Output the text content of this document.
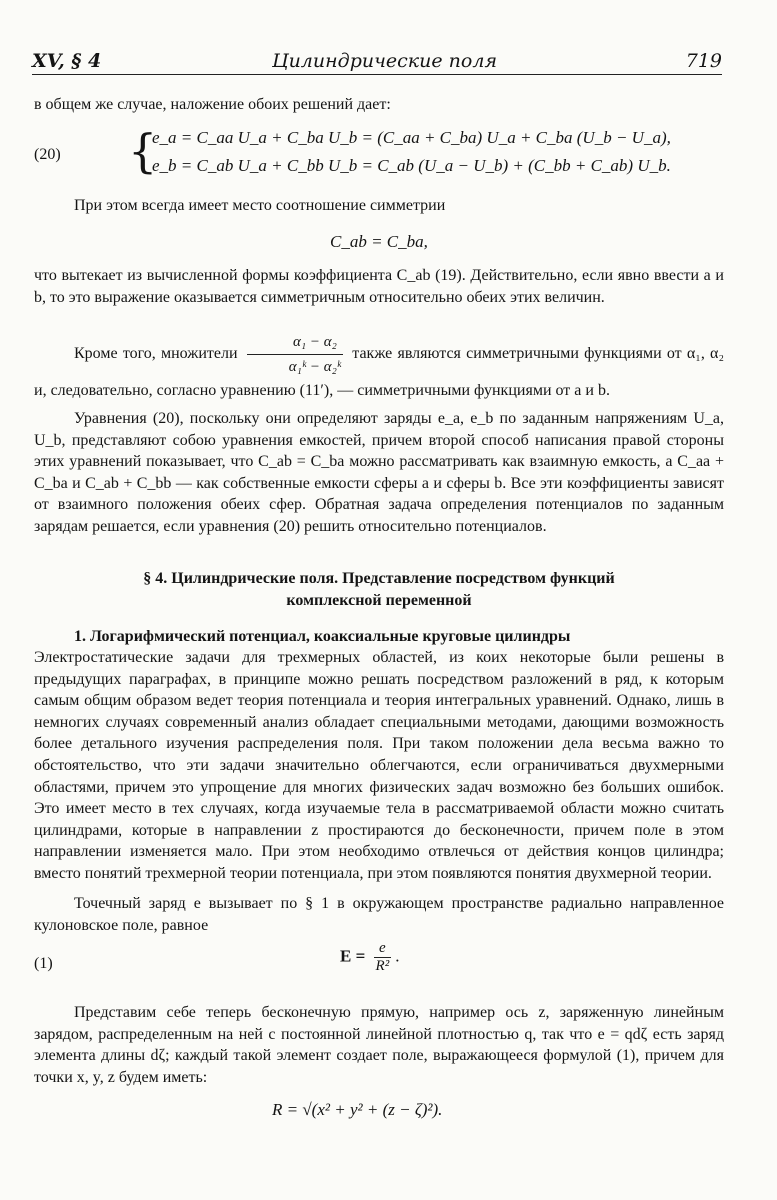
XV, § 4	Цилиндрические поля	719
в общем же случае, наложение обоих решений дает:
(20) {
e_a = C_aa U_a + C_ba U_b = (C_aa + C_ba) U_a + C_ba (U_b − U_a),
e_b = C_ab U_a + C_bb U_b = C_ab (U_a − U_b) + (C_bb + C_ab) U_b.
При этом всегда имеет место соотношение симметрии
C_ab = C_ba,
что вытекает из вычисленной формы коэффициента C_ab (19). Действительно, если явно ввести a и b, то это выражение оказывается симметричным относительно обеих этих величин.
Кроме того, множители $\frac{\text{α₁ − α₂}}{\text{α₁ᵏ − α₂ᵏ}}$ также являются симметричными функциями от α₁, α₂ и, следовательно, согласно уравнению (11′), — симметричными функциями от a и b.
Уравнения (20), поскольку они определяют заряды e_a, e_b по заданным напряжениям U_a, U_b, представляют собою уравнения емкостей, причем второй способ написания правой стороны этих уравнений показывает, что C_ab = C_ba можно рассматривать как взаимную емкость, а C_aa + C_ba и C_ab + C_bb — как собственные емкости сферы a и сферы b. Все эти коэффициенты зависят от взаимного положения обеих сфер. Обратная задача определения потенциалов по заданным зарядам решается, если уравнения (20) решить относительно потенциалов.
§ 4. Цилиндрические поля. Представление посредством функций
комплексной переменной
1. Логарифмический потенциал, коаксиальные круговые цилиндры
Электростатические задачи для трехмерных областей, из коих некоторые были решены в предыдущих параграфах, в принципе можно решать посредством разложений в ряд, к которым самым общим образом ведет теория потенциала и теория интегральных уравнений. Однако, лишь в немногих случаях современный анализ обладает специальными методами, дающими возможность более детального изучения распределения поля. При таком положении дела весьма важно то обстоятельство, что эти задачи значительно облегчаются, если ограничиваться двухмерными областями, причем это упрощение для многих физических задач возможно без больших ошибок. Это имеет место в тех случаях, когда изучаемые тела в рассматриваемой области можно считать цилиндрами, которые в направлении z простираются до бесконечности, причем поле в этом направлении изменяется мало. При этом необходимо отвлечься от действия концов цилиндра; вместо понятий трехмерной теории потенциала, при этом появляются понятия двухмерной теории.
Точечный заряд e вызывает по § 1 в окружающем пространстве радиально направленное кулоновское поле, равное
(1)	$E = \frac{e}{\text{R²}}$ .
Представим себе теперь бесконечную прямую, например ось z, заряженную линейным зарядом, распределенным на ней с постоянной линейной плотностью q, так что e = qdζ есть заряд элемента длины dζ; каждый такой элемент создает поле, выражающееся формулой (1), причем для точки x, y, z будем иметь:
R = √(x² + y² + (z − ζ)²).
